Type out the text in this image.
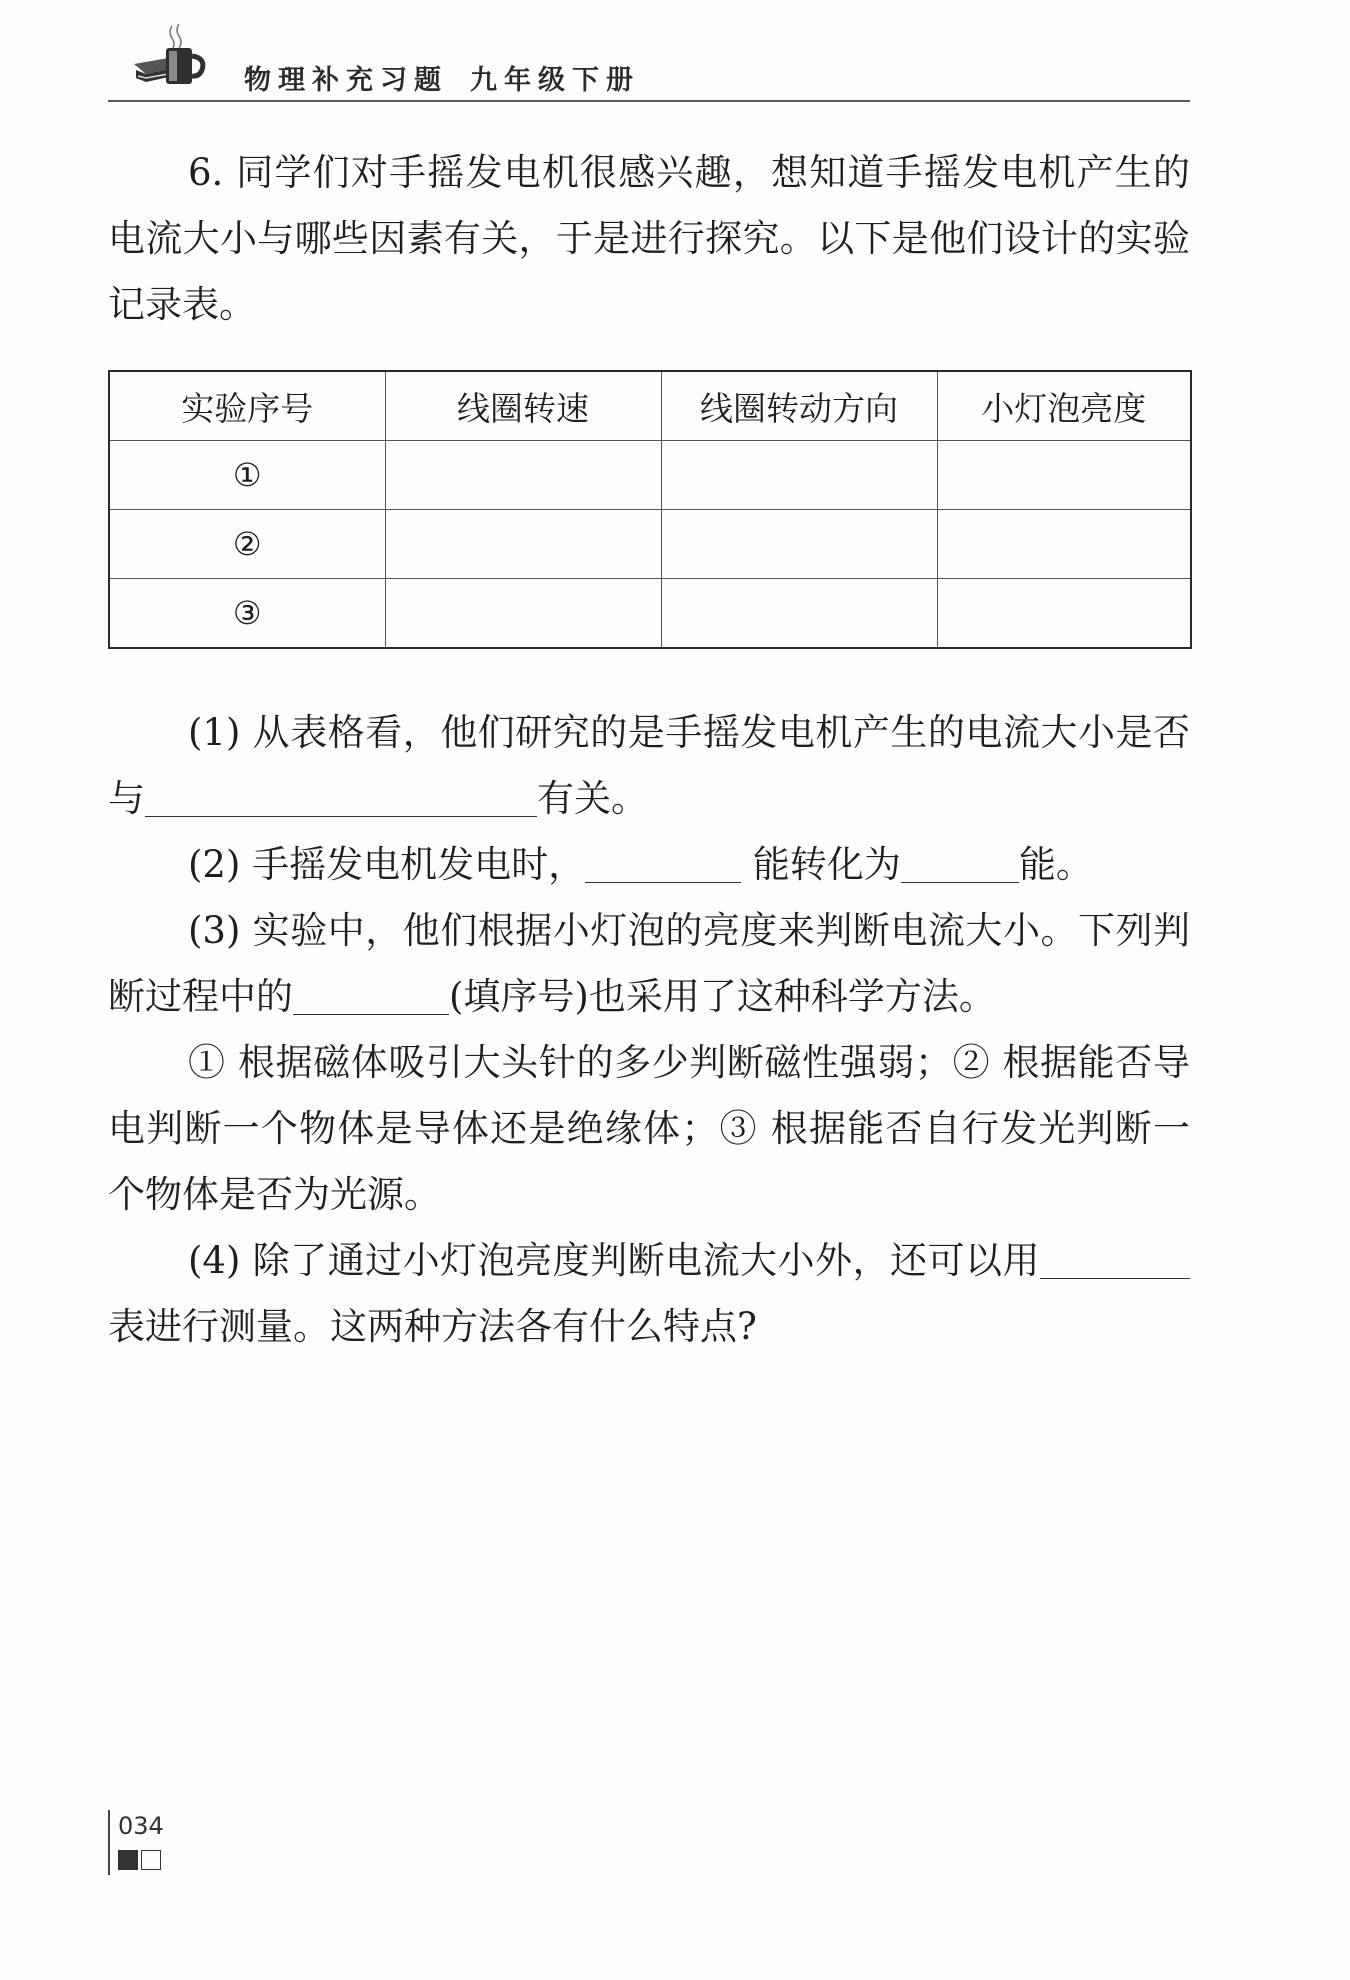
物理补充习题 九年级下册

6. 同学们对手摇发电机很感兴趣，想知道手摇发电机产生的电流大小与哪些因素有关，于是进行探究。以下是他们设计的实验记录表。

实验序号	线圈转速	线圈转动方向	小灯泡亮度
①			
②			
③			

(1) 从表格看，他们研究的是手摇发电机产生的电流大小是否与	有关。

(2) 手摇发电机发电时，	能转化为	能。

(3) 实验中，他们根据小灯泡的亮度来判断电流大小。下列判断过程中的	(填序号)也采用了这种科学方法。

① 根据磁体吸引大头针的多少判断磁性强弱；② 根据能否导电判断一个物体是导体还是绝缘体；③ 根据能否自行发光判断一个物体是否为光源。

(4) 除了通过小灯泡亮度判断电流大小外，还可以用表进行测量。这两种方法各有什么特点?

034
